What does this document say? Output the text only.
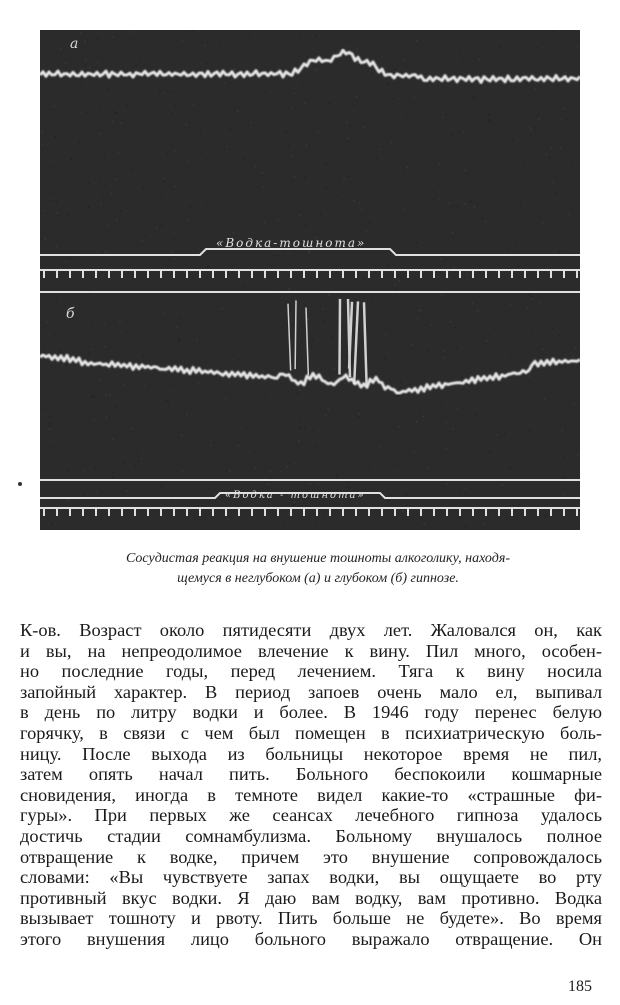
а
«Водка-тошнота»
б
«Водка - тошнота»
Сосудистая реакция на внушение тошноты алкоголику, находя-
щемуся в неглубоком (а) и глубоком (б) гипнозе.
К-ов. Возраст около пятидесяти двух лет. Жаловался он, как
и вы, на непреодолимое влечение к вину. Пил много, особен-
но последние годы, перед лечением. Тяга к вину носила
запойный характер. В период запоев очень мало ел, выпивал
в день по литру водки и более. В 1946 году перенес белую
горячку, в связи с чем был помещен в психиатрическую боль-
ницу. После выхода из больницы некоторое время не пил,
затем опять начал пить. Больного беспокоили кошмарные
сновидения, иногда в темноте видел какие-то «страшные фи-
гуры». При первых же сеансах лечебного гипноза удалось
достичь стадии сомнамбулизма. Больному внушалось полное
отвращение к водке, причем это внушение сопровождалось
словами: «Вы чувствуете запах водки, вы ощущаете во рту
противный вкус водки. Я даю вам водку, вам противно. Водка
вызывает тошноту и рвоту. Пить больше не будете». Во время
этого внушения лицо больного выражало отвращение. Он
185
